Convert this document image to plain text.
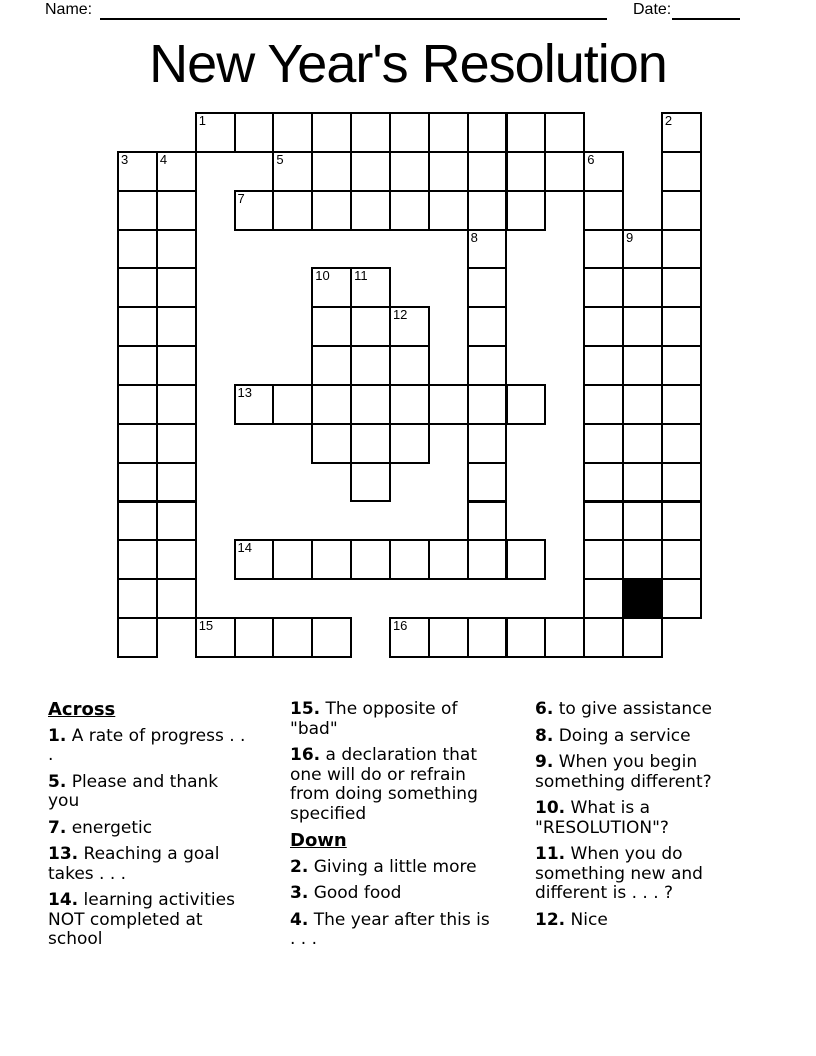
Name:	Date:
New Year's Resolution
1	2
3 4	5	6
7
8	9
10 11
12
13
14
15	16
Across
1. A rate of progress . . .
5. Please and thank you
7. energetic
13. Reaching a goal takes . . .
14. learning activities NOT completed at school
15. The opposite of "bad"
16. a declaration that one will do or refrain from doing something specified
Down
2. Giving a little more
3. Good food
4. The year after this is . . .
6. to give assistance
8. Doing a service
9. When you begin something different?
10. What is a "RESOLUTION"?
11. When you do something new and different is . . . ?
12. Nice
